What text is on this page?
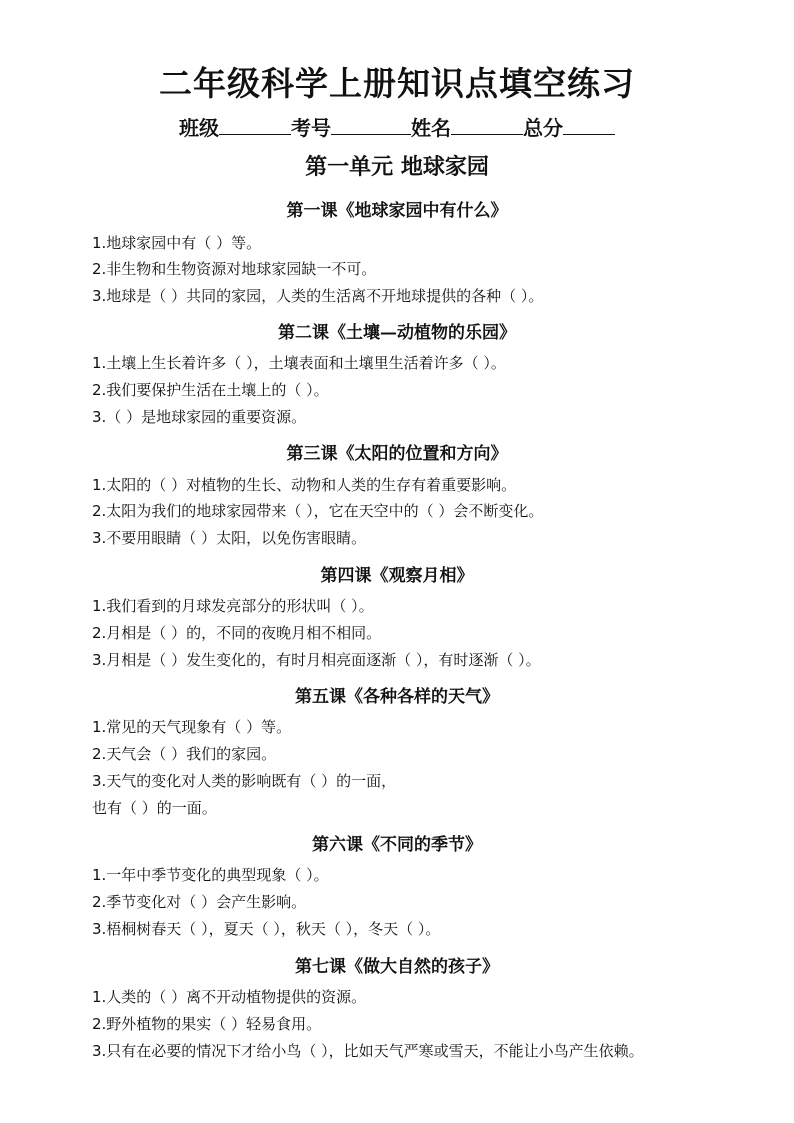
二年级科学上册知识点填空练习
班级	考号	姓名	总分
第一单元 地球家园
第一课《地球家园中有什么》
1.地球家园中有（ ）等。
2.非生物和生物资源对地球家园缺一不可。
3.地球是（ ）共同的家园，人类的生活离不开地球提供的各种（ ）。
第二课《土壤—动植物的乐园》
1.土壤上生长着许多（ ），土壤表面和土壤里生活着许多（ ）。
2.我们要保护生活在土壤上的（ ）。
3.（ ）是地球家园的重要资源。
第三课《太阳的位置和方向》
1.太阳的（ ）对植物的生长、动物和人类的生存有着重要影响。
2.太阳为我们的地球家园带来（ ），它在天空中的（ ）会不断变化。
3.不要用眼睛（ ）太阳，以免伤害眼睛。
第四课《观察月相》
1.我们看到的月球发亮部分的形状叫（ ）。
2.月相是（ ）的，不同的夜晚月相不相同。
3.月相是（ ）发生变化的，有时月相亮面逐渐（ ），有时逐渐（ ）。
第五课《各种各样的天气》
1.常见的天气现象有（ ）等。
2.天气会（ ）我们的家园。
3.天气的变化对人类的影响既有（ ）的一面，
也有（ ）的一面。
第六课《不同的季节》
1.一年中季节变化的典型现象（ ）。
2.季节变化对（ ）会产生影响。
3.梧桐树春天（ ），夏天（ ），秋天（ ），冬天（ ）。
第七课《做大自然的孩子》
1.人类的（ ）离不开动植物提供的资源。
2.野外植物的果实（ ）轻易食用。
3.只有在必要的情况下才给小鸟（ ），比如天气严寒或雪天，不能让小鸟产生依赖。
